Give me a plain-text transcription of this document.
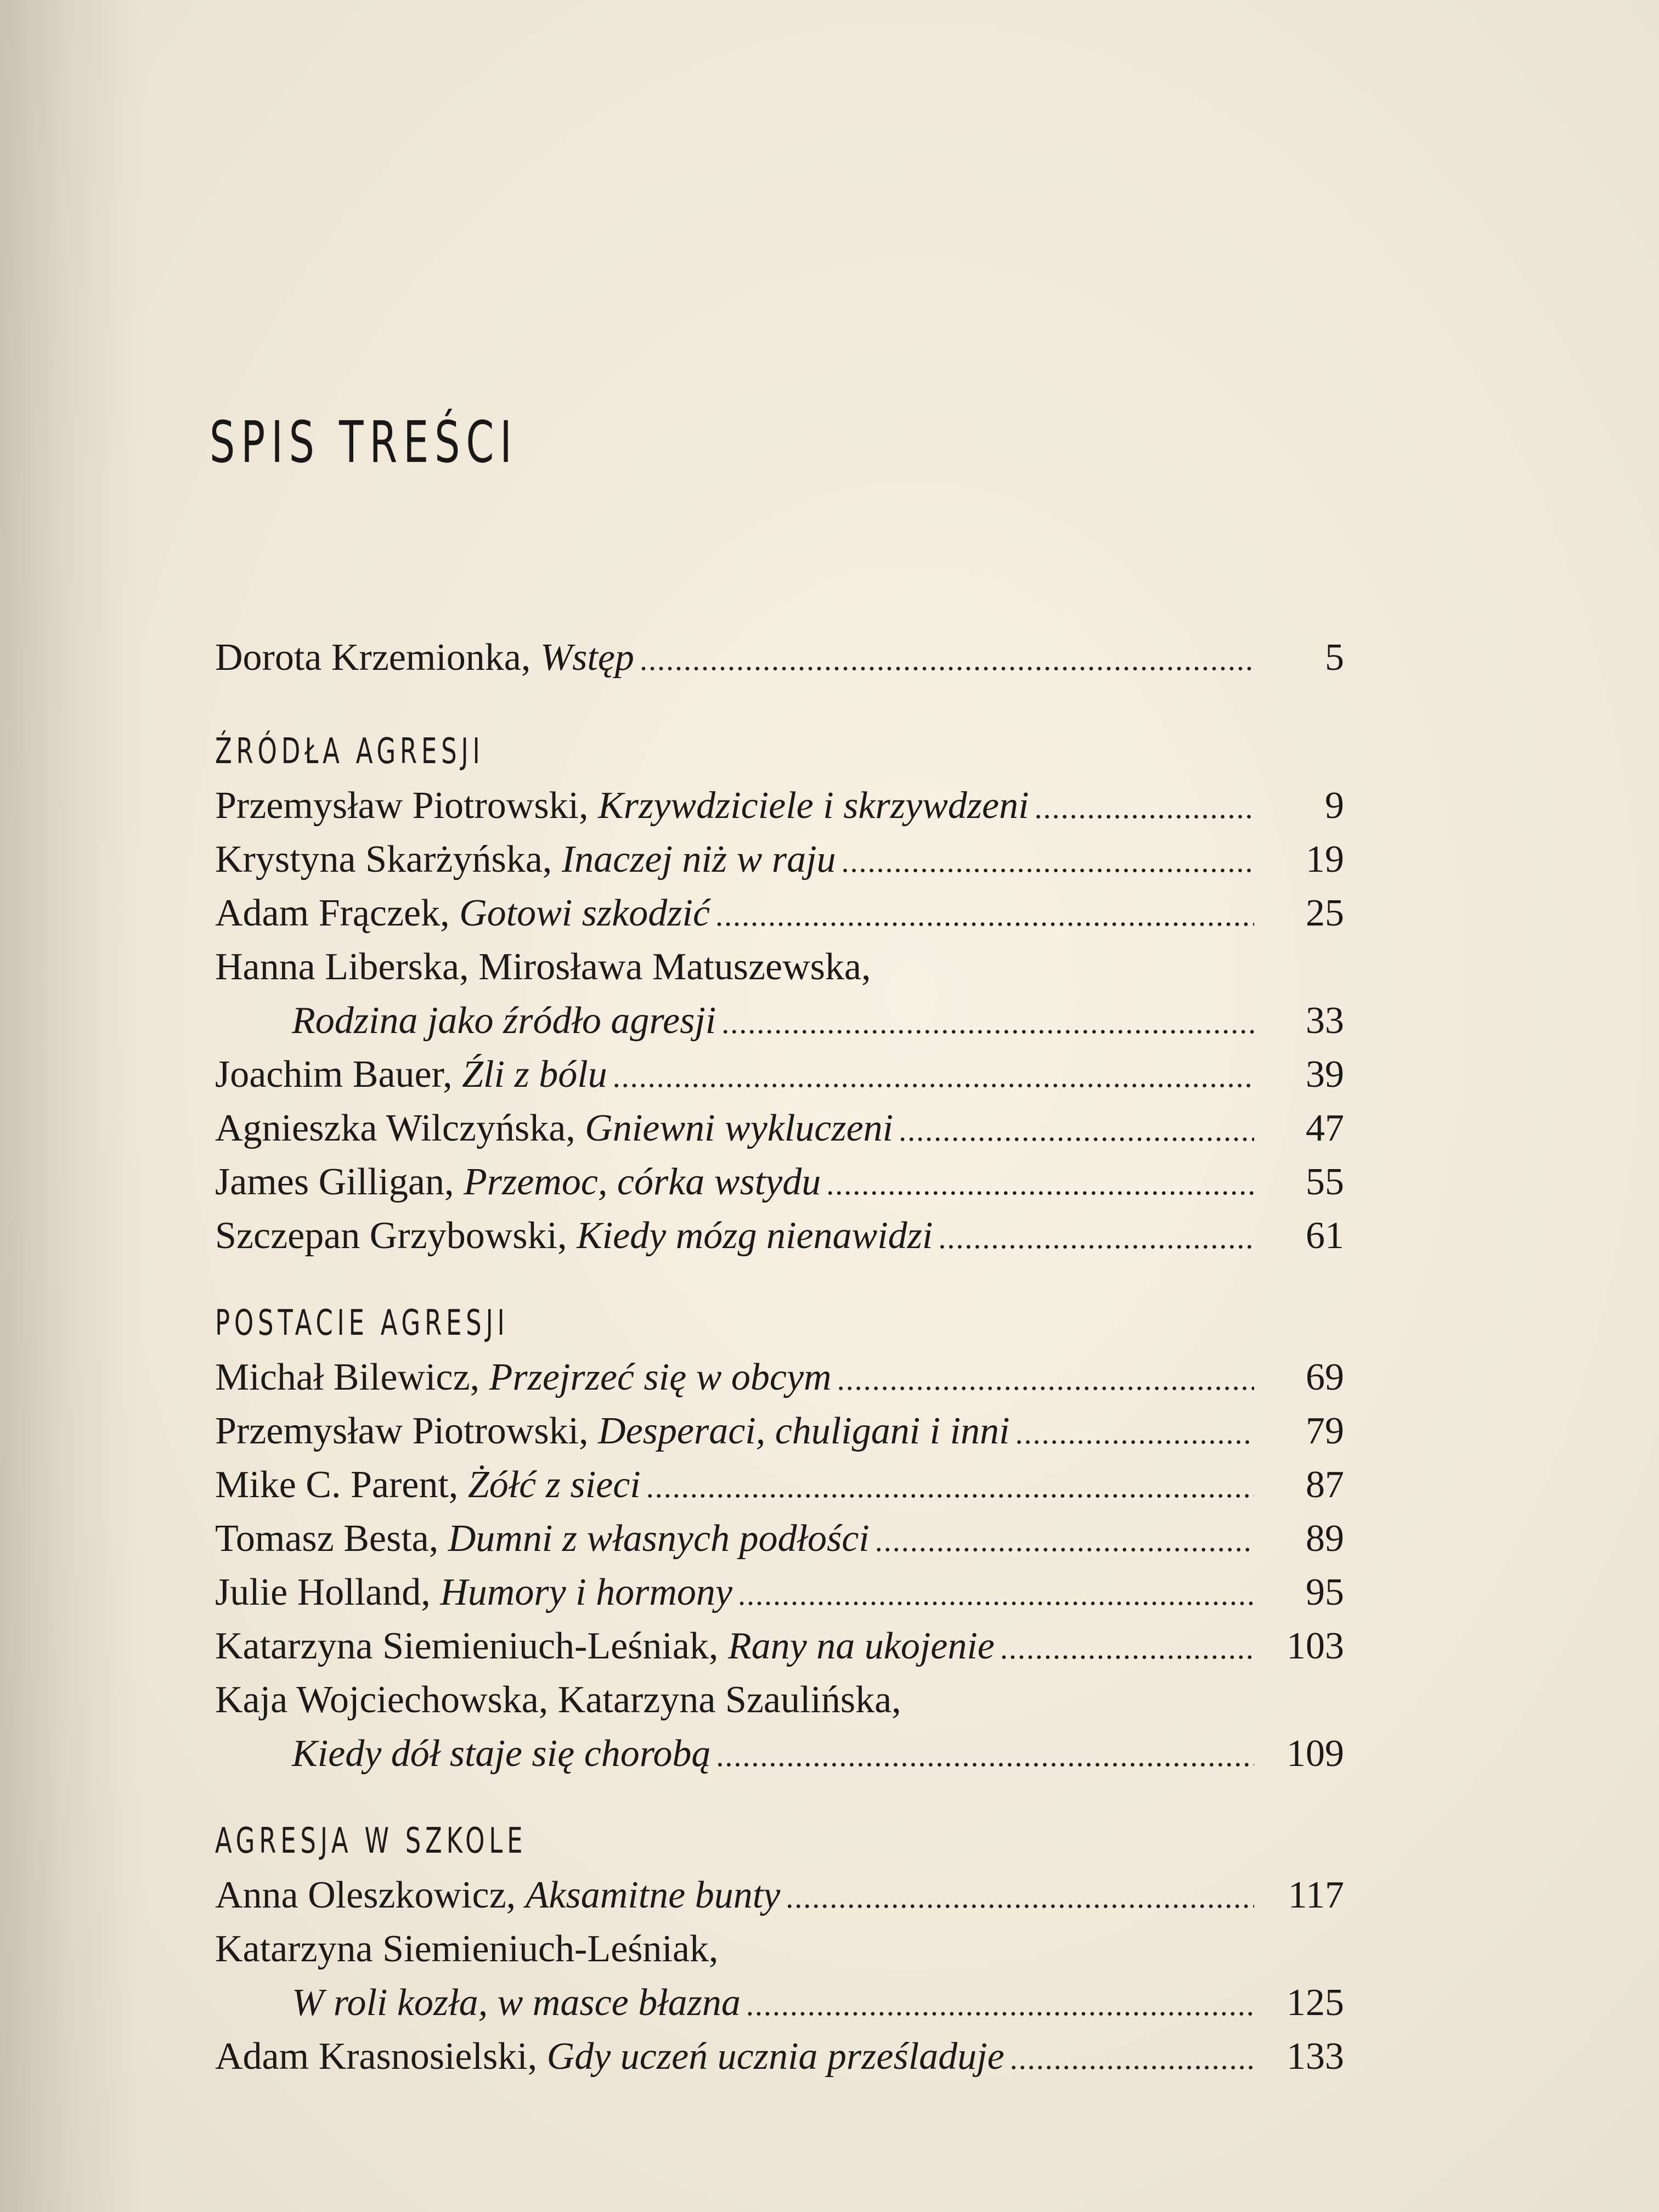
SPIS TREŚCI
Dorota Krzemionka, Wstęp .....	5
ŹRÓDŁA AGRESJI
Przemysław Piotrowski, Krzywdziciele i skrzywdzeni .....	9
Krystyna Skarżyńska, Inaczej niż w raju .....	19
Adam Frączek, Gotowi szkodzić .....	25
Hanna Liberska, Mirosława Matuszewska,
Rodzina jako źródło agresji .....	33
Joachim Bauer, Źli z bólu .....	39
Agnieszka Wilczyńska, Gniewni wykluczeni .....	47
James Gilligan, Przemoc, córka wstydu .....	55
Szczepan Grzybowski, Kiedy mózg nienawidzi .....	61
POSTACIE AGRESJI
Michał Bilewicz, Przejrzeć się w obcym .....	69
Przemysław Piotrowski, Desperaci, chuligani i inni .....	79
Mike C. Parent, Żółć z sieci .....	87
Tomasz Besta, Dumni z własnych podłości .....	89
Julie Holland, Humory i hormony .....	95
Katarzyna Siemieniuch-Leśniak, Rany na ukojenie .....	103
Kaja Wojciechowska, Katarzyna Szaulińska,
Kiedy dół staje się chorobą .....	109
AGRESJA W SZKOLE
Anna Oleszkowicz, Aksamitne bunty .....	117
Katarzyna Siemieniuch-Leśniak,
W roli kozła, w masce błazna .....	125
Adam Krasnosielski, Gdy uczeń ucznia prześladuje .....	133
